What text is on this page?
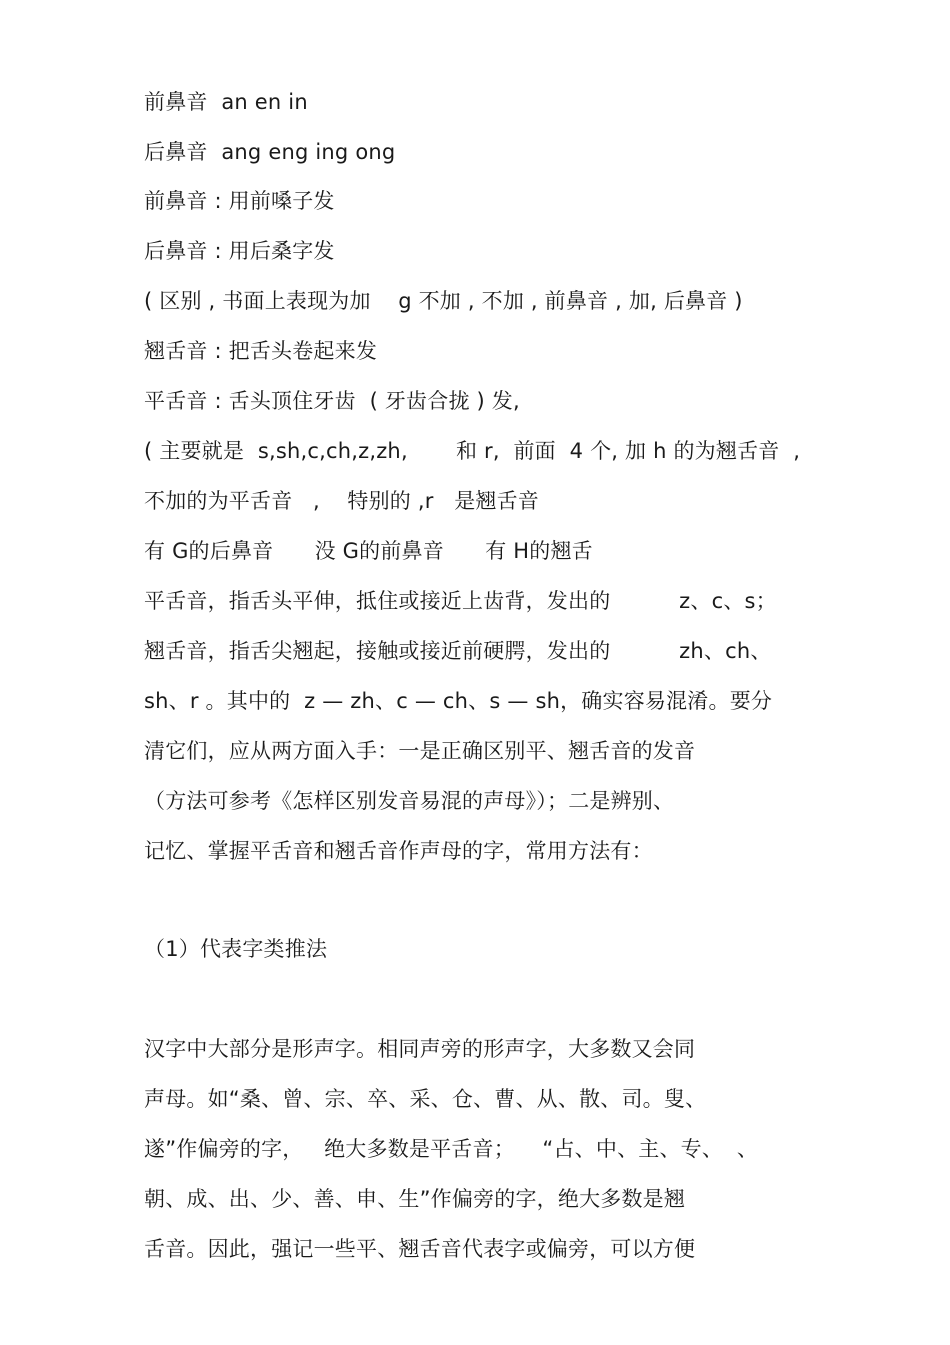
前鼻音  an en in
后鼻音  ang eng ing ong
前鼻音 : 用前嗓子发
后鼻音 : 用后桑字发
( 区别 , 书面上表现为加    g 不加 , 不加 , 前鼻音 , 加, 后鼻音 )
翘舌音 : 把舌头卷起来发
平舌音 : 舌头顶住牙齿  ( 牙齿合拢 ) 发,
( 主要就是  s,sh,c,ch,z,zh,       和 r,  前面  4 个, 加 h 的为翘舌音  ,
不加的为平舌音   ,    特别的 ,r   是翘舌音
有 G的后鼻音      没 G的前鼻音      有 H的翘舌
平舌音，指舌头平伸，抵住或接近上齿背，发出的          z、c、s；
翘舌音，指舌尖翘起，接触或接近前硬腭，发出的          zh、ch、
sh、r 。其中的  z — zh、c — ch、s — sh，确实容易混淆。要分
清它们，应从两方面入手：一是正确区别平、翘舌音的发音
（方法可参考《怎样区别发音易混的声母》）；二是辨别、
记忆、掌握平舌音和翘舌音作声母的字，常用方法有：
（1）代表字类推法
汉字中大部分是形声字。相同声旁的形声字，大多数又会同
声母。如“桑、曾、宗、卒、采、仓、曹、从、散、司。叟、
遂”作偏旁的字，   绝大多数是平舌音；    “占、中、主、专、  、
朝、成、出、少、善、申、生”作偏旁的字，绝大多数是翘
舌音。因此，强记一些平、翘舌音代表字或偏旁，可以方便
